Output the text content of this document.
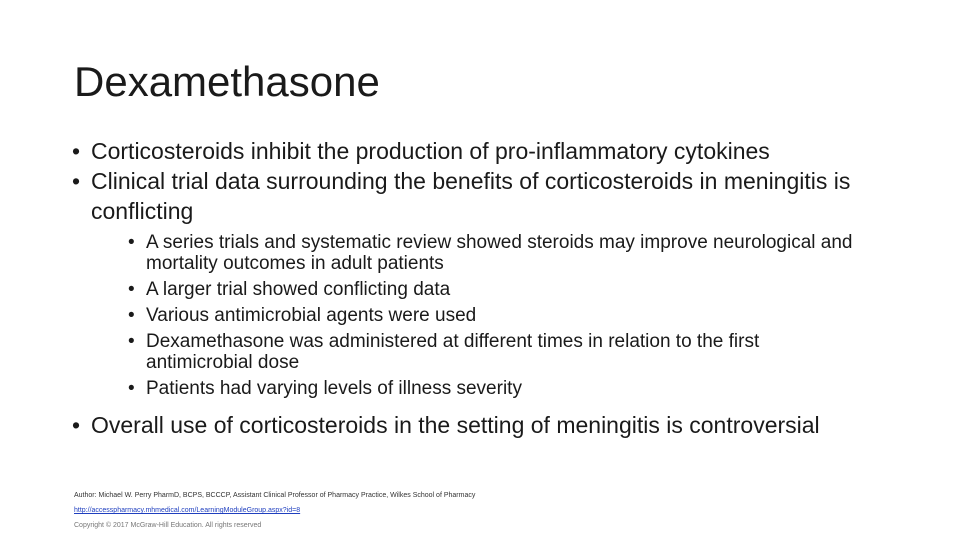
Dexamethasone
• Corticosteroids inhibit the production of pro-inflammatory cytokines
• Clinical trial data surrounding the benefits of corticosteroids in meningitis is conflicting
• A series trials and systematic review showed steroids may improve neurological and mortality outcomes in adult patients
• A larger trial showed conflicting data
• Various antimicrobial agents were used
• Dexamethasone was administered at different times in relation to the first antimicrobial dose
• Patients had varying levels of illness severity
• Overall use of corticosteroids in the setting of meningitis is controversial
Author: Michael W. Perry PharmD, BCPS, BCCCP, Assistant Clinical Professor of Pharmacy Practice, Wilkes School of Pharmacy
http://accesspharmacy.mhmedical.com/LearningModuleGroup.aspx?id=8
Copyright © 2017 McGraw-Hill Education. All rights reserved
